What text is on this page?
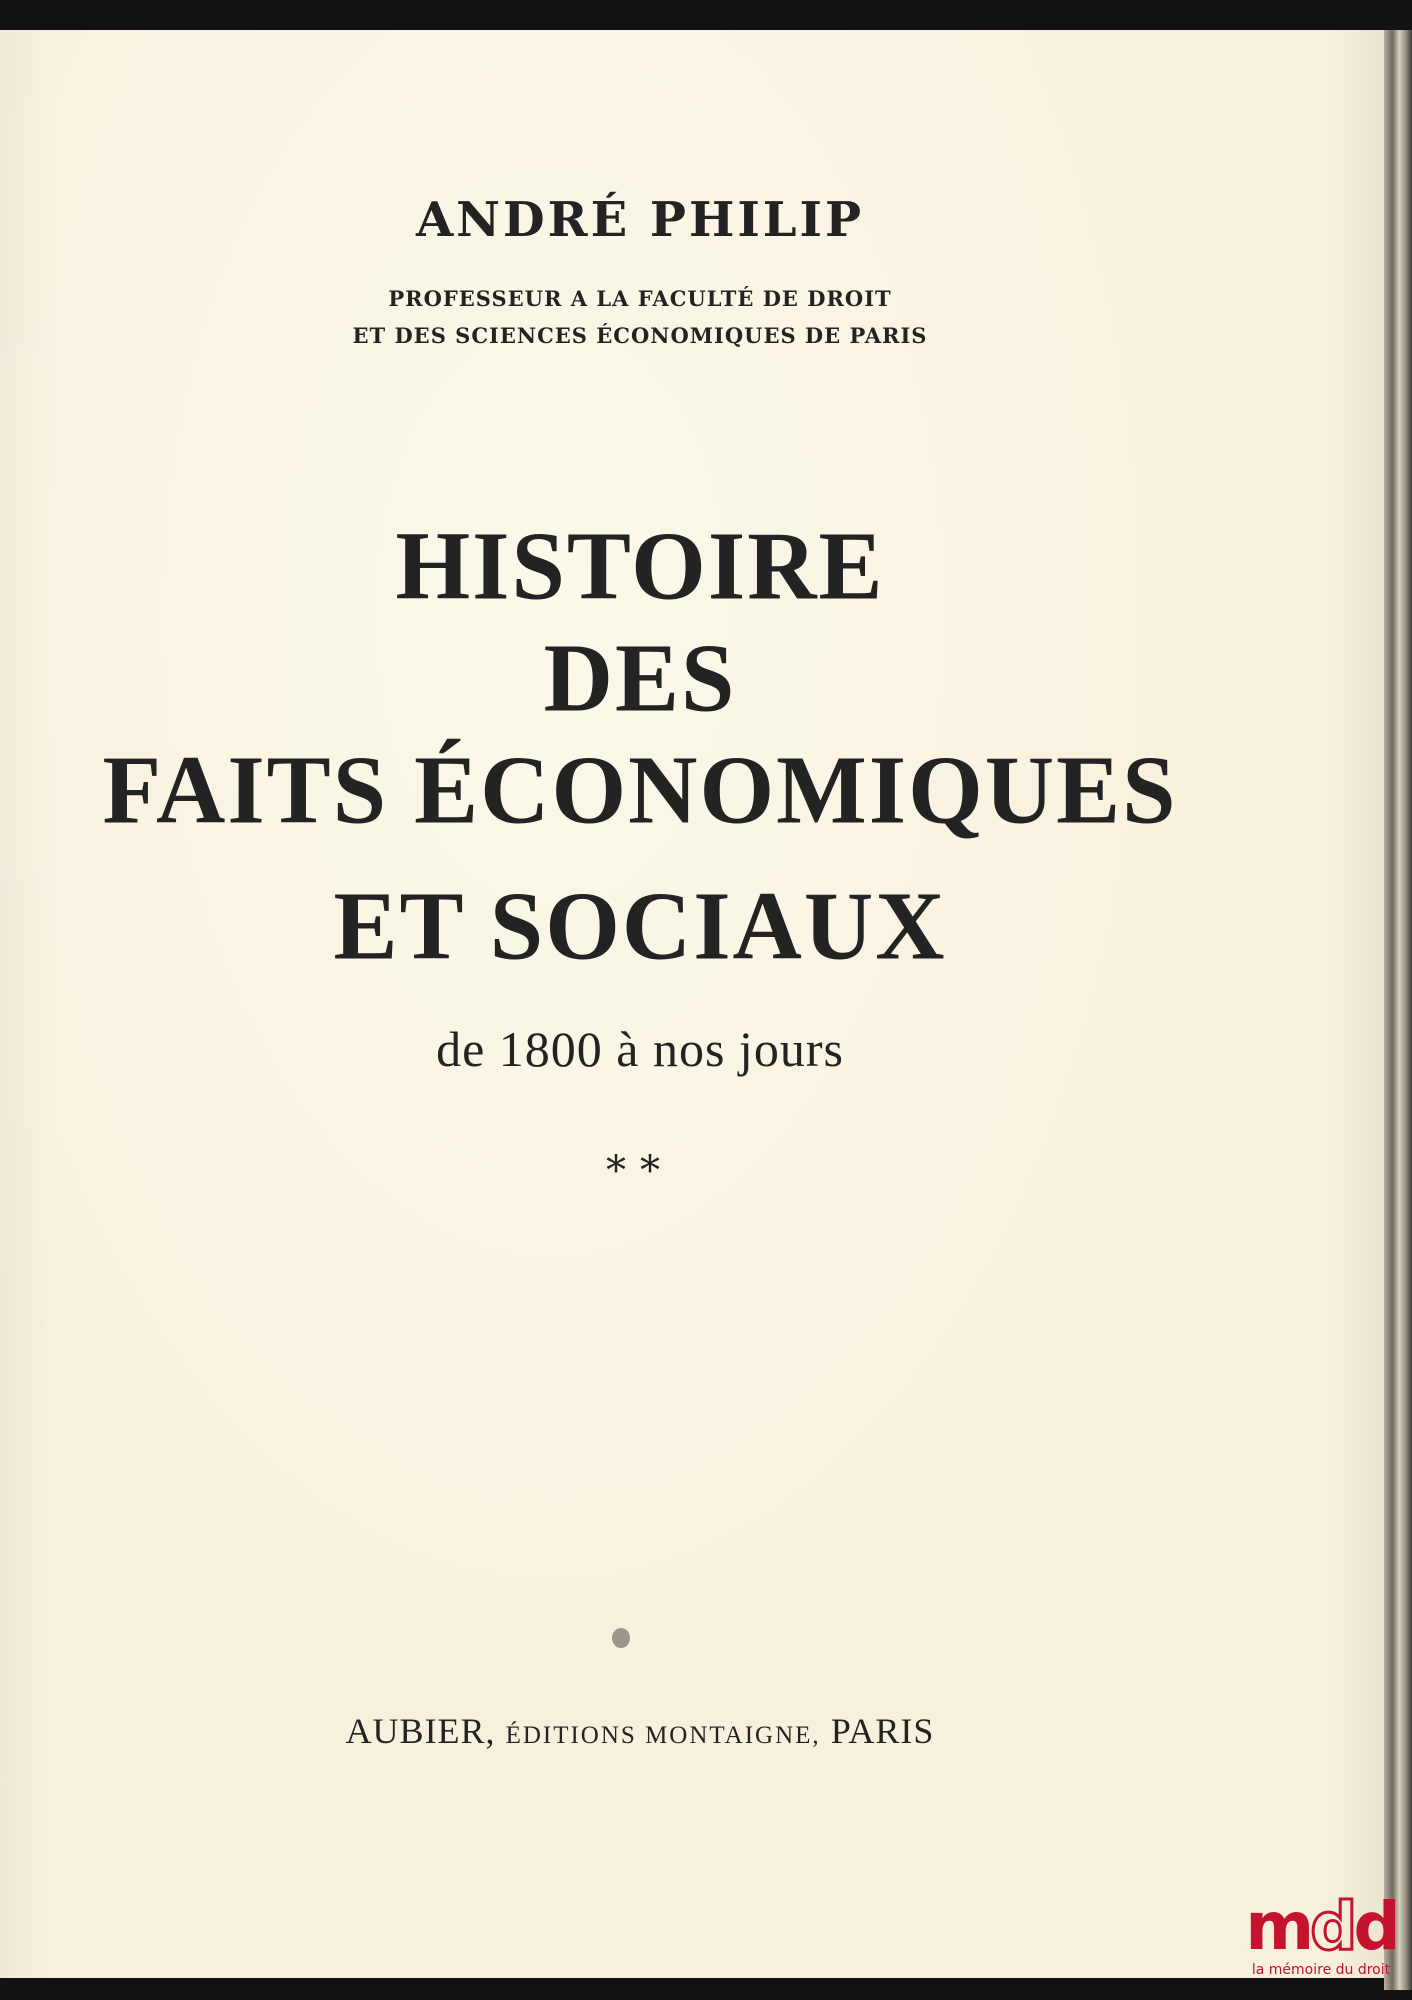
ANDRÉ PHILIP

PROFESSEUR A LA FACULTÉ DE DROIT

ET DES SCIENCES ÉCONOMIQUES DE PARIS

HISTOIRE

DES

FAITS ÉCONOMIQUES

ET SOCIAUX

de 1800 à nos jours

**

AUBIER, ÉDITIONS MONTAIGNE, PARIS

mdd
la mémoire du droit
